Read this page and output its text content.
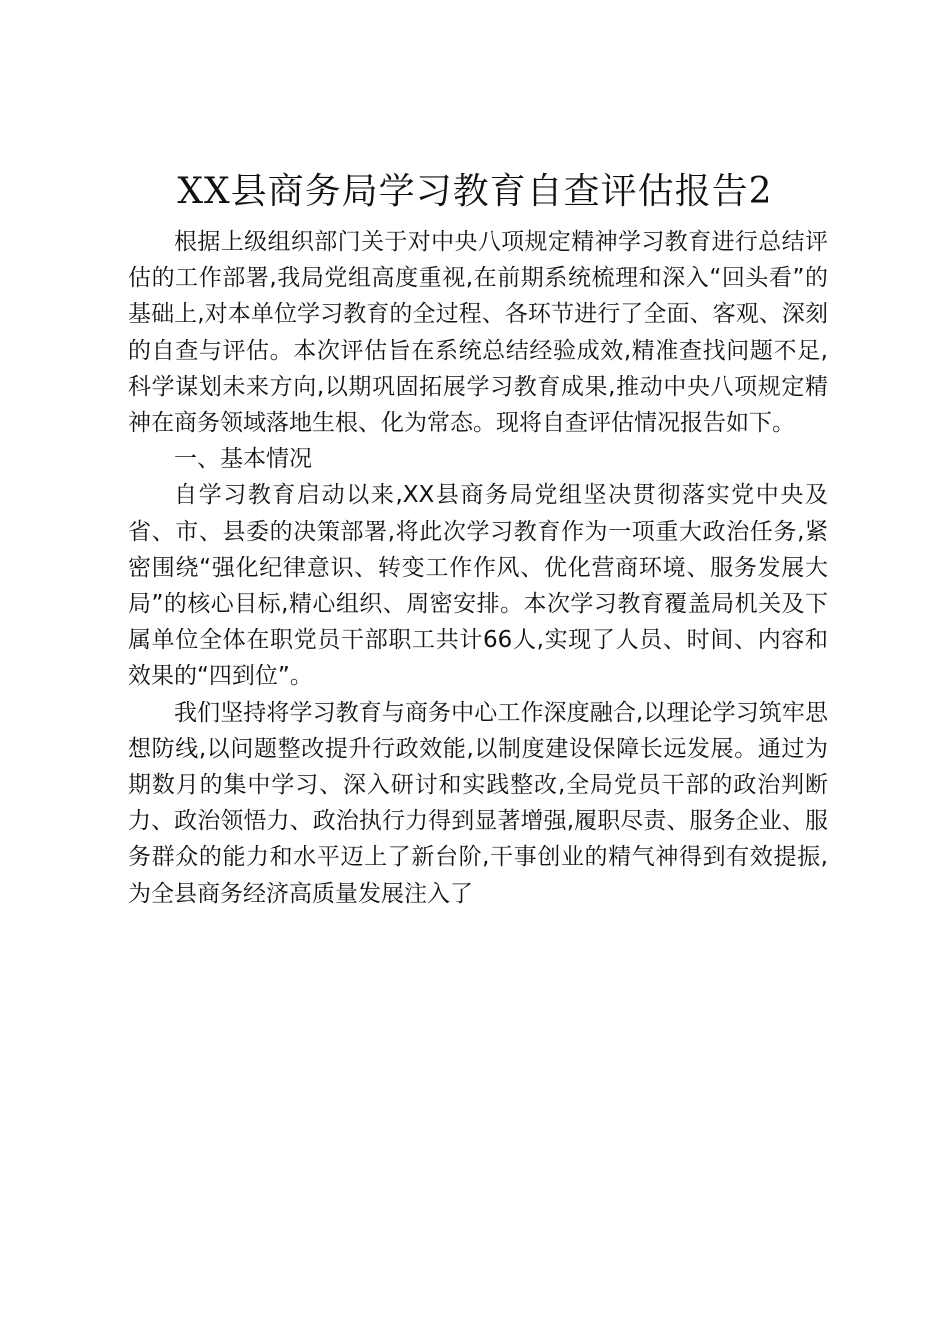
XX县商务局学习教育自查评估报告2

根据上级组织部门关于对中央八项规定精神学习教育进行总结评估的工作部署,我局党组高度重视,在前期系统梳理和深入“回头看”的基础上,对本单位学习教育的全过程、各环节进行了全面、客观、深刻的自查与评估。本次评估旨在系统总结经验成效,精准查找问题不足,科学谋划未来方向,以期巩固拓展学习教育成果,推动中央八项规定精神在商务领域落地生根、化为常态。现将自查评估情况报告如下。

一、基本情况

自学习教育启动以来,XX县商务局党组坚决贯彻落实党中央及省、市、县委的决策部署,将此次学习教育作为一项重大政治任务,紧密围绕“强化纪律意识、转变工作作风、优化营商环境、服务发展大局”的核心目标,精心组织、周密安排。本次学习教育覆盖局机关及下属单位全体在职党员干部职工共计66人,实现了人员、时间、内容和效果的“四到位”。

我们坚持将学习教育与商务中心工作深度融合,以理论学习筑牢思想防线,以问题整改提升行政效能,以制度建设保障长远发展。通过为期数月的集中学习、深入研讨和实践整改,全局党员干部的政治判断力、政治领悟力、政治执行力得到显著增强,履职尽责、服务企业、服务群众的能力和水平迈上了新台阶,干事创业的精气神得到有效提振,为全县商务经济高质量发展注入了
